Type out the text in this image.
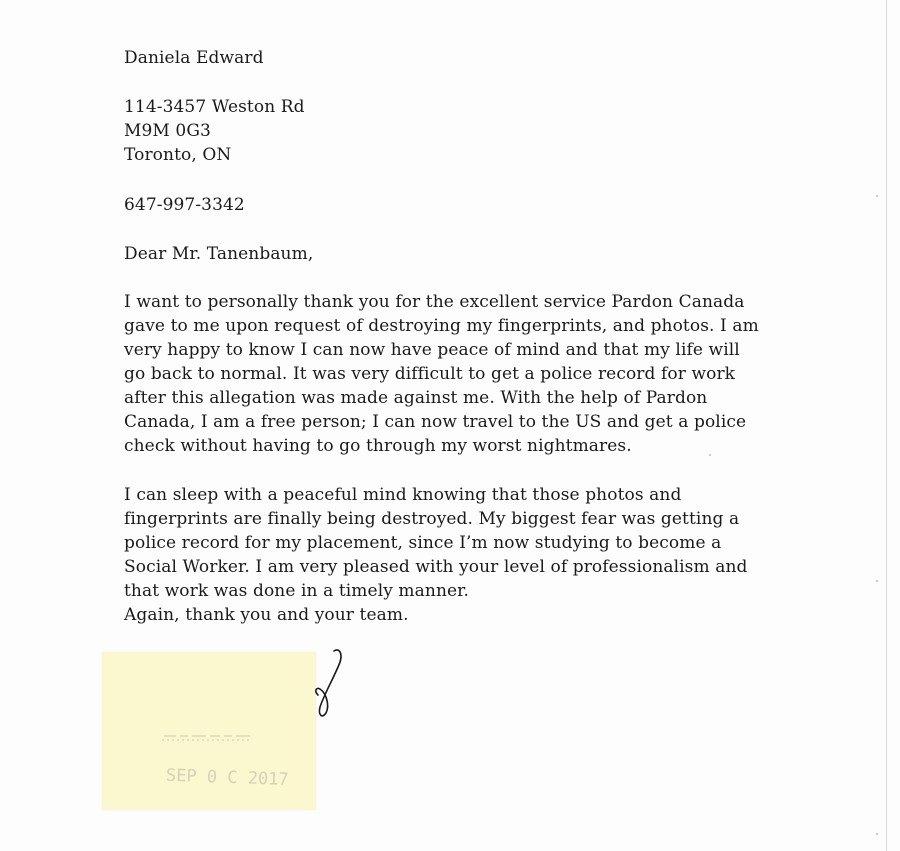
Daniela Edward
114-3457 Weston Rd
M9M 0G3
Toronto, ON
647-997-3342
Dear Mr. Tanenbaum,
I want to personally thank you for the excellent service Pardon Canada
gave to me upon request of destroying my fingerprints, and photos. I am
very happy to know I can now have peace of mind and that my life will
go back to normal. It was very difficult to get a police record for work
after this allegation was made against me. With the help of Pardon
Canada, I am a free person; I can now travel to the US and get a police
check without having to go through my worst nightmares.
I can sleep with a peaceful mind knowing that those photos and
fingerprints are finally being destroyed. My biggest fear was getting a
police record for my placement, since I’m now studying to become a
Social Worker. I am very pleased with your level of professionalism and
that work was done in a timely manner.
Again, thank you and your team.
SEP 0 C 2017
